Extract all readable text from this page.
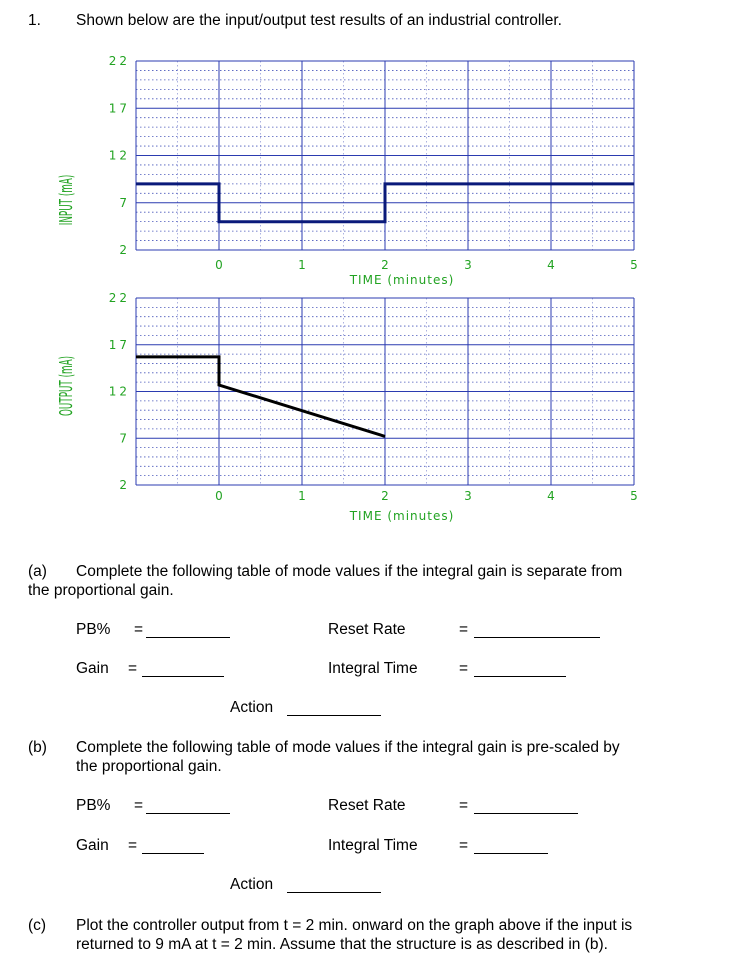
1. Shown below are the input/output test results of an industrial controller.
2
7
12
17
22
0	1	2	3	4	5
TIME (minutes)
INPUT (mA)
2
7
12
17
22
0	1	2	3	4	5
TIME (minutes)
OUTPUT (mA)
(a) Complete the following table of mode values if the integral gain is separate from
the proportional gain.
PB% =	Reset Rate	=
Gain =	Integral Time	=
Action
(b) Complete the following table of mode values if the integral gain is pre-scaled by
the proportional gain.
PB% =	Reset Rate	=
Gain =	Integral Time	=
Action
(c) Plot the controller output from t = 2 min. onward on the graph above if the input is
returned to 9 mA at t = 2 min. Assume that the structure is as described in (b).
